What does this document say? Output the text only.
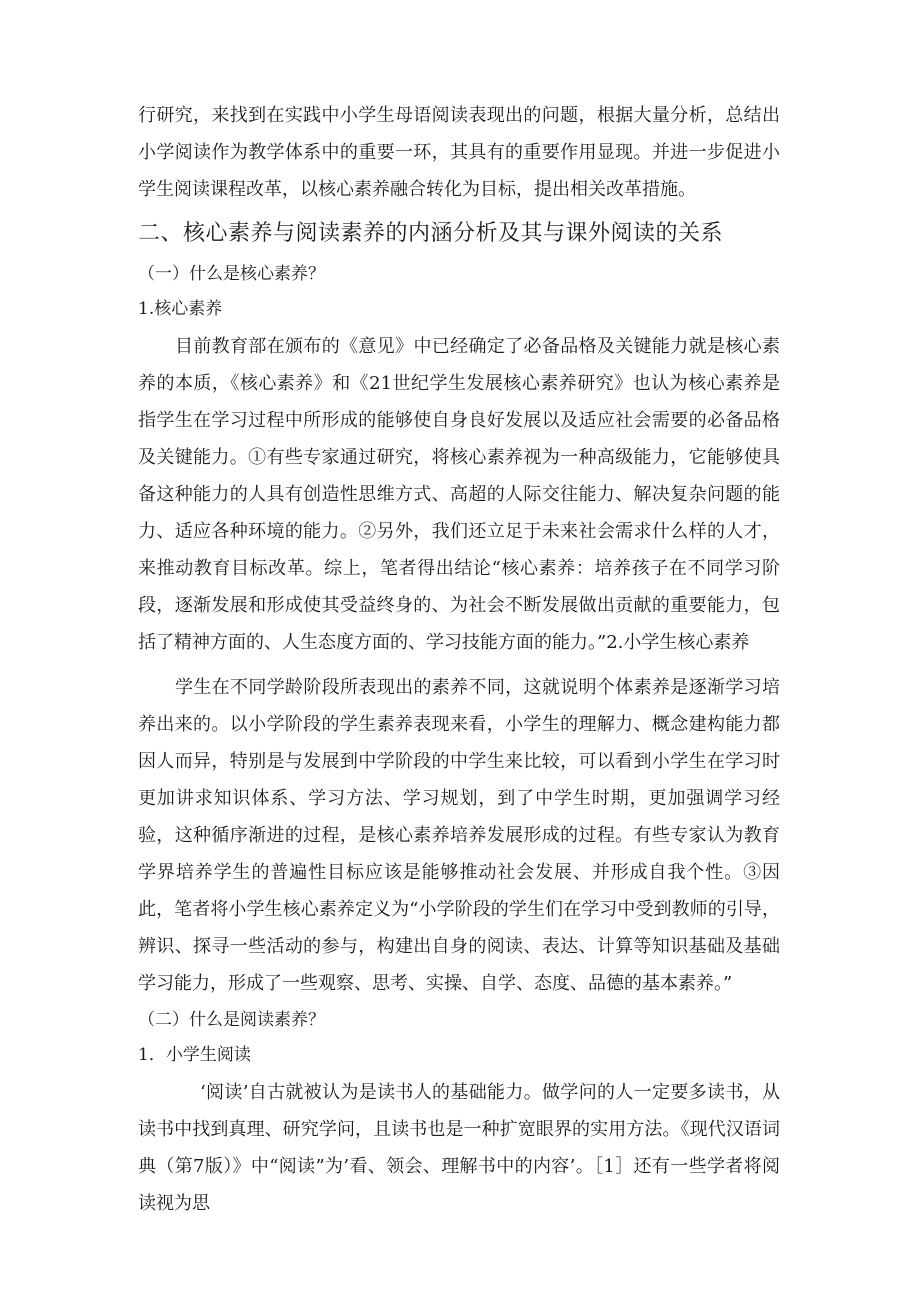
行研究，来找到在实践中小学生母语阅读表现出的问题，根据大量分析，总结出小学阅读作为教学体系中的重要一环，其具有的重要作用显现。并进一步促进小学生阅读课程改革，以核心素养融合转化为目标，提出相关改革措施。

二、核心素养与阅读素养的内涵分析及其与课外阅读的关系
（一）什么是核心素养？
1.核心素养

目前教育部在颁布的《意见》中已经确定了必备品格及关键能力就是核心素养的本质，《核心素养》和《21世纪学生发展核心素养研究》也认为核心素养是指学生在学习过程中所形成的能够使自身良好发展以及适应社会需要的必备品格及关键能力。①有些专家通过研究，将核心素养视为一种高级能力，它能够使具备这种能力的人具有创造性思维方式、高超的人际交往能力、解决复杂问题的能力、适应各种环境的能力。②另外，我们还立足于未来社会需求什么样的人才，来推动教育目标改革。综上，笔者得出结论“核心素养：培养孩子在不同学习阶段，逐渐发展和形成使其受益终身的、为社会不断发展做出贡献的重要能力，包括了精神方面的、人生态度方面的、学习技能方面的能力。”2.小学生核心素养

学生在不同学龄阶段所表现出的素养不同，这就说明个体素养是逐渐学习培养出来的。以小学阶段的学生素养表现来看，小学生的理解力、概念建构能力都因人而异，特别是与发展到中学阶段的中学生来比较，可以看到小学生在学习时更加讲求知识体系、学习方法、学习规划，到了中学生时期，更加强调学习经验，这种循序渐进的过程，是核心素养培养发展形成的过程。有些专家认为教育学界培养学生的普遍性目标应该是能够推动社会发展、并形成自我个性。③因此，笔者将小学生核心素养定义为“小学阶段的学生们在学习中受到教师的引导，辨识、探寻一些活动的参与，构建出自身的阅读、表达、计算等知识基础及基础学习能力，形成了一些观察、思考、实操、自学、态度、品德的基本素养。”

（二）什么是阅读素养？
1．小学生阅读

‘阅读’自古就被认为是读书人的基础能力。做学问的人一定要多读书，从读书中找到真理、研究学问，且读书也是一种扩宽眼界的实用方法。《现代汉语词典（第7版）》中“阅读”为’看、领会、理解书中的内容’。［1］还有一些学者将阅读视为思
